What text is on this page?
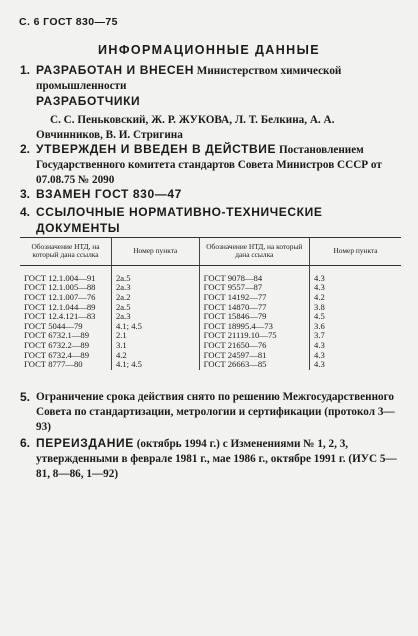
С. 6 ГОСТ 830—75
ИНФОРМАЦИОННЫЕ ДАННЫЕ
1. РАЗРАБОТАН И ВНЕСЕН Министерством химической промышленности
РАЗРАБОТЧИКИ
С. С. Пеньковский, Ж. Р. ЖУКОВА, Л. Т. Белкина, А. А. Овчинников, В. И. Стригина
2. УТВЕРЖДЕН И ВВЕДЕН В ДЕЙСТВИЕ Постановлением Государственного комитета стандартов Совета Министров СССР от 07.08.75 № 2090
3. ВЗАМЕН ГОСТ 830—47
4. ССЫЛОЧНЫЕ НОРМАТИВНО-ТЕХНИЧЕСКИЕ ДОКУМЕНТЫ
Обозначение НТД, на который дана ссылка	Номер пункта	Обозначение НТД, на который дана ссылка	Номер пункта
ГОСТ 12.1.004—91	2а.5	ГОСТ 9078—84	4.3
ГОСТ 12.1.005—88	2а.3	ГОСТ 9557—87	4.3
ГОСТ 12.1.007—76	2а.2	ГОСТ 14192—77	4.2
ГОСТ 12.1.044—89	2а.5	ГОСТ 14870—77	3.8
ГОСТ 12.4.121—83	2а.3	ГОСТ 15846—79	4.5
ГОСТ 5044—79	4.1; 4.5	ГОСТ 18995.4—73	3.6
ГОСТ 6732.1—89	2.1	ГОСТ 21119.10—75	3.7
ГОСТ 6732.2—89	3.1	ГОСТ 21650—76	4.3
ГОСТ 6732.4—89	4.2	ГОСТ 24597—81	4.3
ГОСТ 8777—80	4.1; 4.5	ГОСТ 26663—85	4.3
5. Ограничение срока действия снято по решению Межгосударственного Совета по стандартизации, метрологии и сертификации (протокол 3—93)
6. ПЕРЕИЗДАНИЕ (октябрь 1994 г.) с Изменениями № 1, 2, 3, утвержденными в феврале 1981 г., мае 1986 г., октябре 1991 г. (ИУС 5—81, 8—86, 1—92)
